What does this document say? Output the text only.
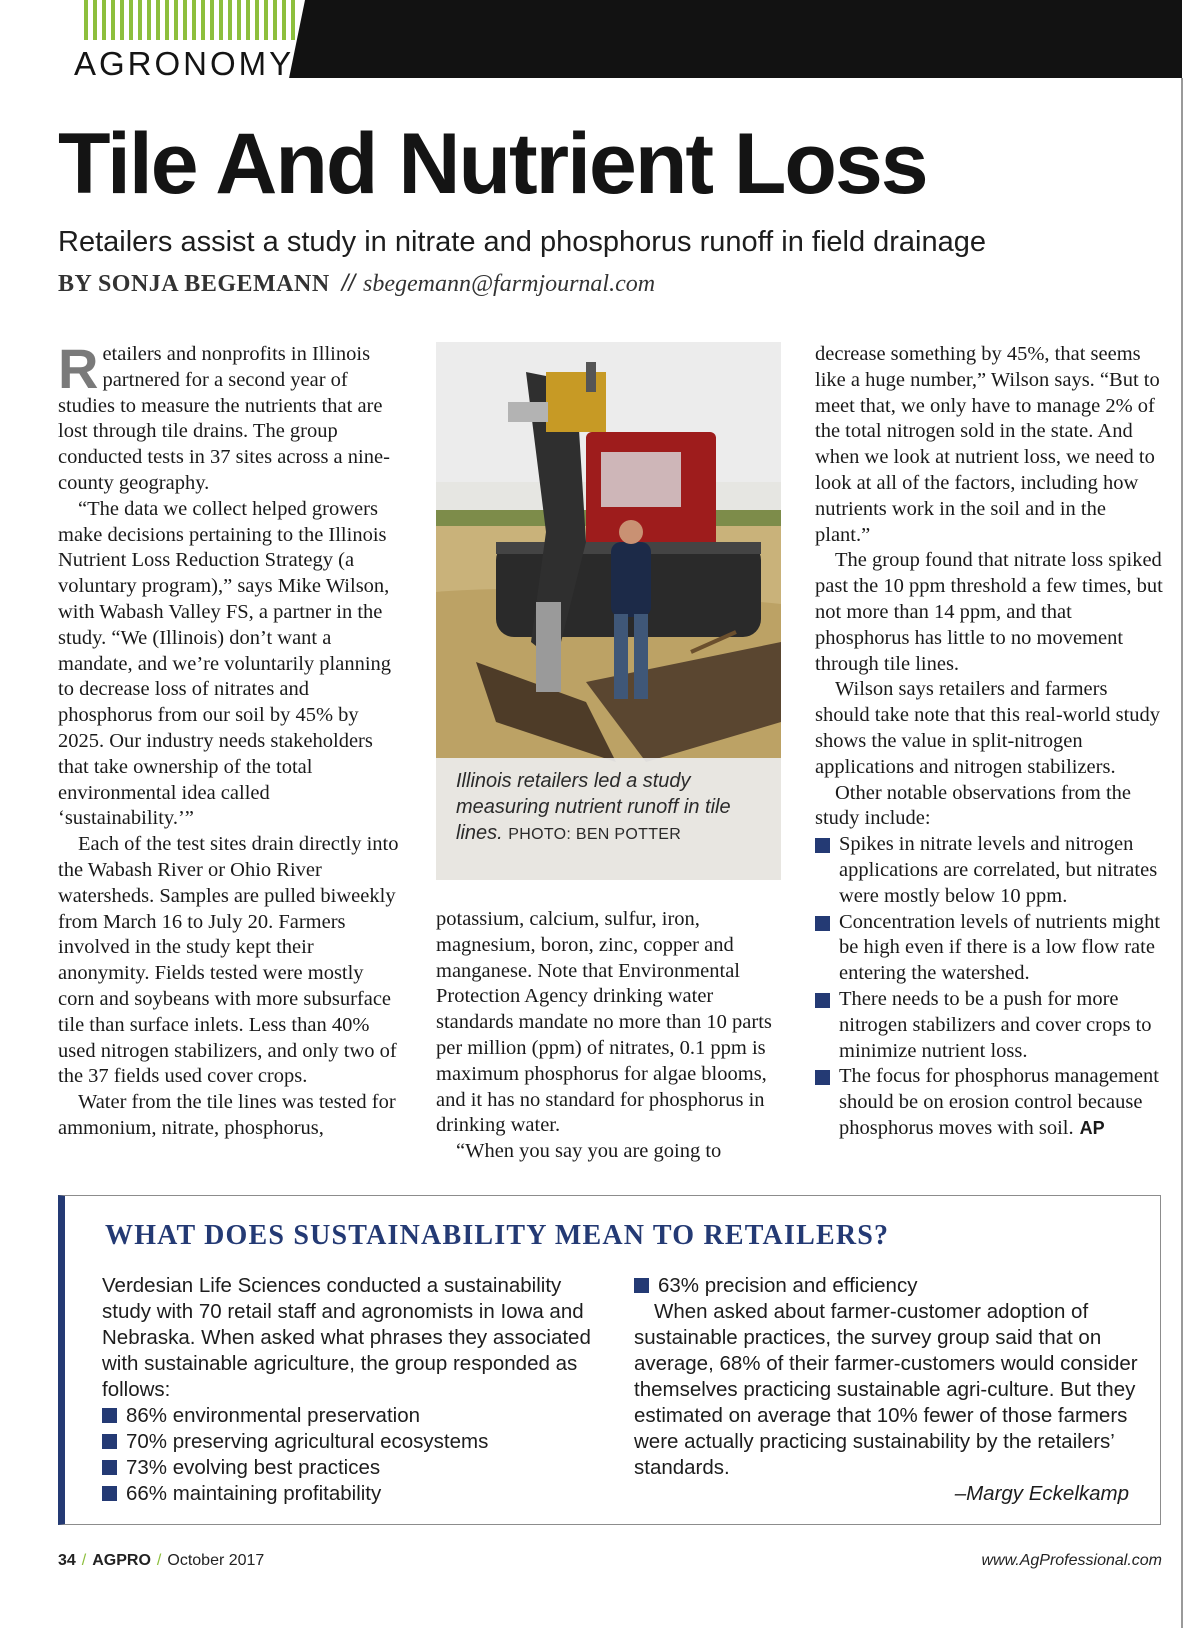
AGRONOMY
Tile And Nutrient Loss
Retailers assist a study in nitrate and phosphorus runoff in field drainage
BY SONJA BEGEMANN // sbegemann@farmjournal.com

Retailers and nonprofits in Illinois partnered for a second year of studies to measure the nutrients that are lost through tile drains. The group conducted tests in 37 sites across a nine-county geography.

“The data we collect helped growers make decisions pertaining to the Illinois Nutrient Loss Reduction Strategy (a voluntary program),” says Mike Wilson, with Wabash Valley FS, a partner in the study. “We (Illinois) don’t want a mandate, and we’re voluntarily planning to decrease loss of nitrates and phosphorus from our soil by 45% by 2025. Our industry needs stakeholders that take ownership of the total environmental idea called ‘sustainability.’”

Each of the test sites drain directly into the Wabash River or Ohio River watersheds. Samples are pulled biweekly from March 16 to July 20. Farmers involved in the study kept their anonymity. Fields tested were mostly corn and soybeans with more subsurface tile than surface inlets. Less than 40% used nitrogen stabilizers, and only two of the 37 fields used cover crops.

Water from the tile lines was tested for ammonium, nitrate, phosphorus,

Illinois retailers led a study measuring nutrient runoff in tile lines. PHOTO: BEN POTTER

potassium, calcium, sulfur, iron, magnesium, boron, zinc, copper and manganese. Note that Environmental Protection Agency drinking water standards mandate no more than 10 parts per million (ppm) of nitrates, 0.1 ppm is maximum phosphorus for algae blooms, and it has no standard for phosphorus in drinking water.

“When you say you are going to

decrease something by 45%, that seems like a huge number,” Wilson says. “But to meet that, we only have to manage 2% of the total nitrogen sold in the state. And when we look at nutrient loss, we need to look at all of the factors, including how nutrients work in the soil and in the plant.”

The group found that nitrate loss spiked past the 10 ppm threshold a few times, but not more than 14 ppm, and that phosphorus has little to no movement through tile lines.

Wilson says retailers and farmers should take note that this real-world study shows the value in split-nitrogen applications and nitrogen stabilizers.

Other notable observations from the study include:

Spikes in nitrate levels and nitrogen applications are correlated, but nitrates were mostly below 10 ppm.
Concentration levels of nutrients might be high even if there is a low flow rate entering the watershed.
There needs to be a push for more nitrogen stabilizers and cover crops to minimize nutrient loss.
The focus for phosphorus management should be on erosion control because phosphorus moves with soil. AP
WHAT DOES SUSTAINABILITY MEAN TO RETAILERS?

Verdesian Life Sciences conducted a sustainability study with 70 retail staff and agronomists in Iowa and Nebraska. When asked what phrases they associated with sustainable agriculture, the group responded as follows:

86% environmental preservation
70% preserving agricultural ecosystems
73% evolving best practices
66% maintaining profitability
63% precision and efficiency

When asked about farmer-customer adoption of sustainable practices, the survey group said that on average, 68% of their farmer-customers would consider themselves practicing sustainable agri-culture. But they estimated on average that 10% fewer of those farmers were actually practicing sustainability by the retailers’ standards.

–Margy Eckelkamp

34 / AGPRO / October 2017	www.AgProfessional.com
